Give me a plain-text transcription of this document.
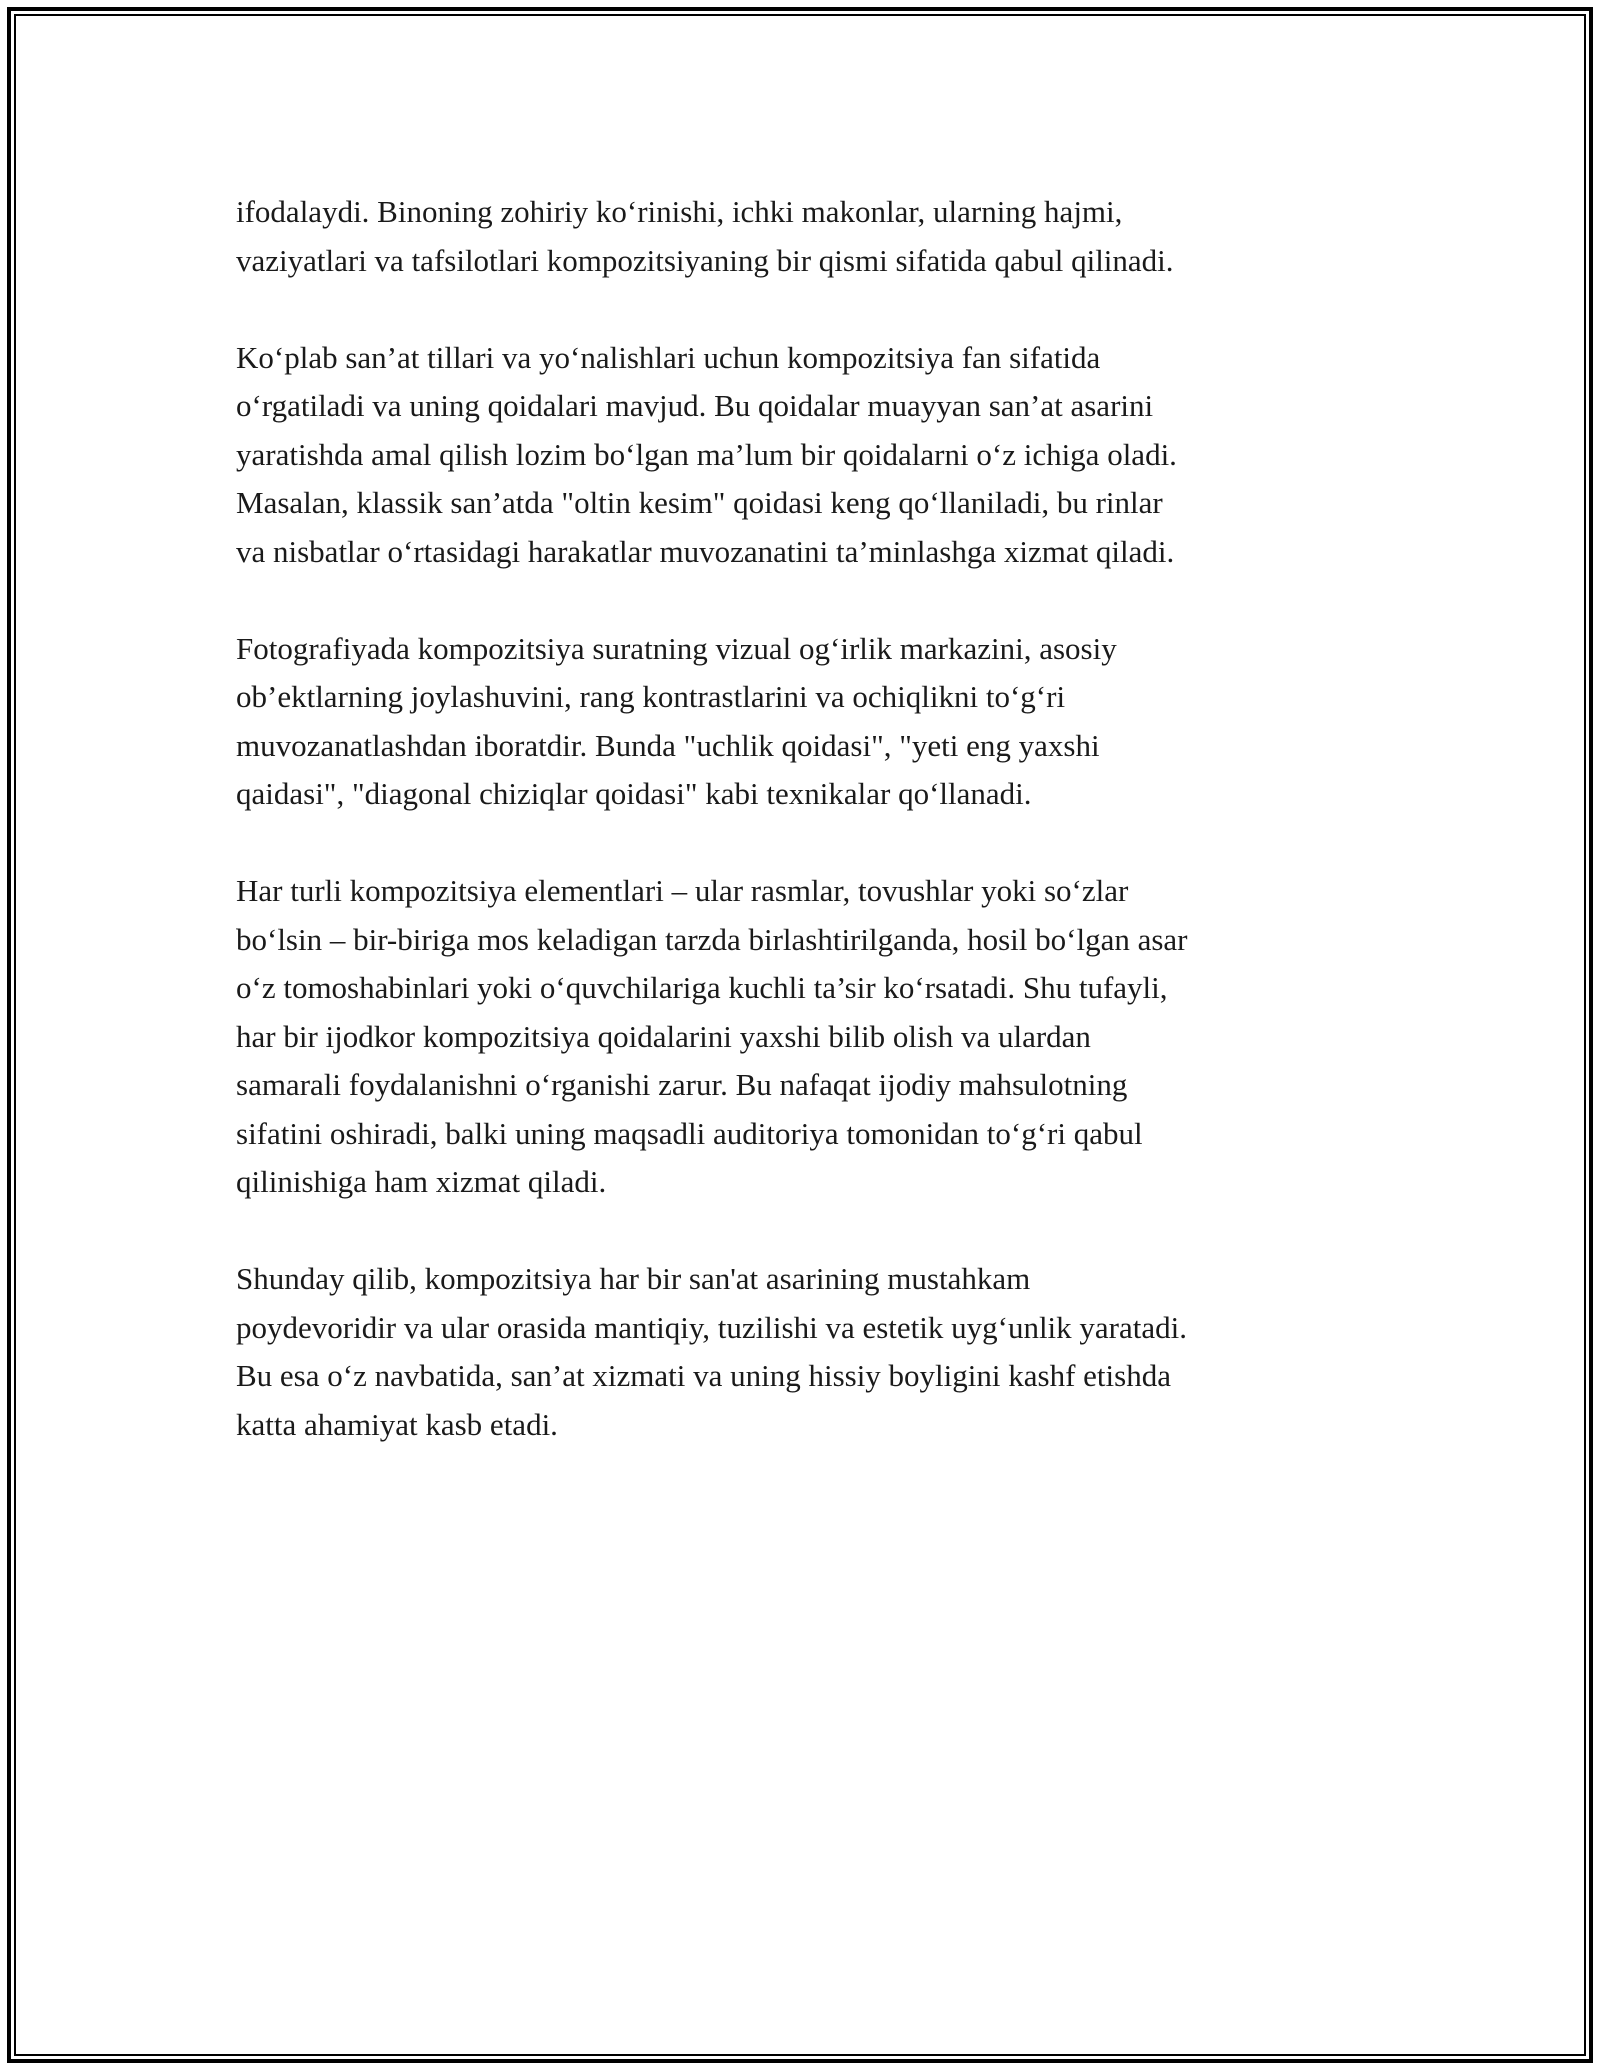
ifodalaydi. Binoning zohiriy ko‘rinishi, ichki makonlar, ularning hajmi,
vaziyatlari va tafsilotlari kompozitsiyaning bir qismi sifatida qabul qilinadi.

Ko‘plab san’at tillari va yo‘nalishlari uchun kompozitsiya fan sifatida
o‘rgatiladi va uning qoidalari mavjud. Bu qoidalar muayyan san’at asarini
yaratishda amal qilish lozim bo‘lgan ma’lum bir qoidalarni o‘z ichiga oladi.
Masalan, klassik san’atda "oltin kesim" qoidasi keng qo‘llaniladi, bu rinlar
va nisbatlar o‘rtasidagi harakatlar muvozanatini ta’minlashga xizmat qiladi.

Fotografiyada kompozitsiya suratning vizual og‘irlik markazini, asosiy
ob’ektlarning joylashuvini, rang kontrastlarini va ochiqlikni to‘g‘ri
muvozanatlashdan iboratdir. Bunda "uchlik qoidasi", "yeti eng yaxshi
qaidasi", "diagonal chiziqlar qoidasi" kabi texnikalar qo‘llanadi.

Har turli kompozitsiya elementlari – ular rasmlar, tovushlar yoki so‘zlar
bo‘lsin – bir-biriga mos keladigan tarzda birlashtirilganda, hosil bo‘lgan asar
o‘z tomoshabinlari yoki o‘quvchilariga kuchli ta’sir ko‘rsatadi. Shu tufayli,
har bir ijodkor kompozitsiya qoidalarini yaxshi bilib olish va ulardan
samarali foydalanishni o‘rganishi zarur. Bu nafaqat ijodiy mahsulotning
sifatini oshiradi, balki uning maqsadli auditoriya tomonidan to‘g‘ri qabul
qilinishiga ham xizmat qiladi.

Shunday qilib, kompozitsiya har bir san'at asarining mustahkam
poydevoridir va ular orasida mantiqiy, tuzilishi va estetik uyg‘unlik yaratadi.
Bu esa o‘z navbatida, san’at xizmati va uning hissiy boyligini kashf etishda
katta ahamiyat kasb etadi.
